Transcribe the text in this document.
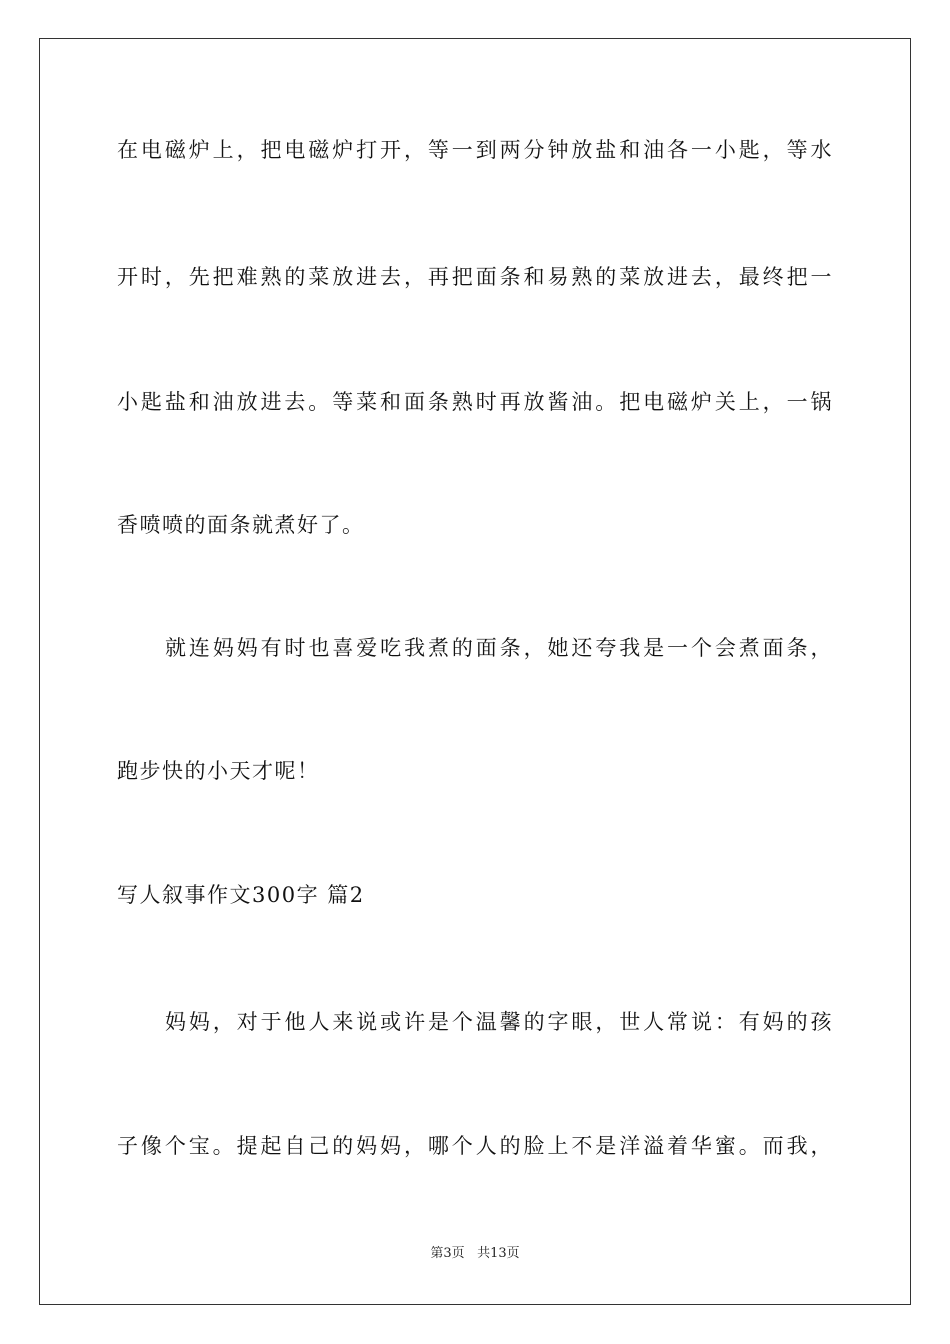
在电磁炉上，把电磁炉打开，等一到两分钟放盐和油各一小匙，等水
开时，先把难熟的菜放进去，再把面条和易熟的菜放进去，最终把一
小匙盐和油放进去。等菜和面条熟时再放酱油。把电磁炉关上，一锅
香喷喷的面条就煮好了。
就连妈妈有时也喜爱吃我煮的面条，她还夸我是一个会煮面条，
跑步快的小天才呢！
写人叙事作文300字 篇2
妈妈，对于他人来说或许是个温馨的字眼，世人常说：有妈的孩
子像个宝。提起自己的妈妈，哪个人的脸上不是洋溢着华蜜。而我，
第3页 共13页
